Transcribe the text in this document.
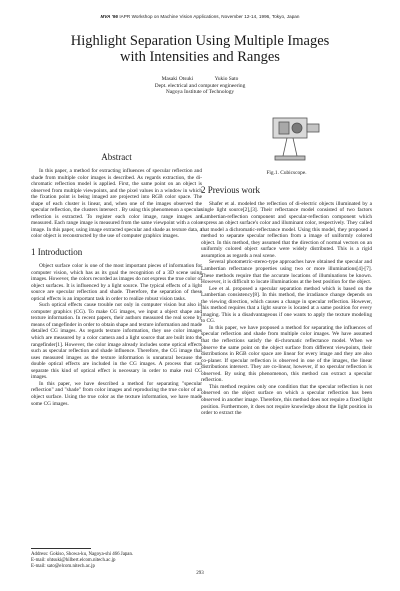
MVA '96 IAPR Workshop on Machine Vision Applications, November 12-14, 1996, Tokyo, Japan
Highlight Separation Using Multiple Images
with Intensities and Ranges
Masaki Otsuki	Yukio Sato
Dept. electrical and computer engineering
Nagoya Institute of Technology
Abstract

In this paper, a method for extracting influences of specular reflection and shade from multiple color images is described. As regards extraction, the di-chromatic reflection model is applied. First, the same point on an object is observed from multiple viewpoints, and the pixel values in a window in which the fixation point is being imaged are projected into RGB color space. The shape of each cluster is linear, and, when one of the images observed the specular reflection, the clusters intersect . By using this phenomenon a specular reflection is extracted. To register each color image, range images are measured. Each range image is measured from the same viewpoint with a color image. In this paper, using image extracted specular and shade as texture data, a color object is reconstructed by the use of computer graphics images.

1 Introduction

Object surface color is one of the most important pieces of information for computer vision, which has as its goal the recognition of a 3D scene using images. However, the colors recorded as images do not express the true color of object surfaces. It is influenced by a light source. The typical effects of a light source are specular reflection and shade. Therefore, the separation of these optical effects is an important task in order to realize robust vision tasks.

Such optical effects cause trouble not only in computer vision but also in computer graphics (CG). To make CG images, we input a object shape and texture information. In recent papers, their authors measured the real scene by means of rangefinder in order to obtain shape and texture information and made detailed CG images. As regards texture information, they use color images which are measured by a color camera and a light source that are built into the rangefinder[1]. However, the color image already includes some optical effects such as specular reflection and shade influence. Therefore, the CG image that uses measured images as the texture information is unnatural because the double optical effects are included in the CG images. A process that can separate this kind of optical effect is necessary in order to make real CG images.

In this paper, we have described a method for separating "specular reflection" and "shade" from color images and reproducing the true color of an object surface. Using the true color as the texture information, we have made some CG images.

Fig.1. Cubicscope.
2 Previous work

Shafer et al. modeled the reflection of di-electric objects illuminated by a single light source[2],[3]. Their reflectance model consisted of two factors Lambertian-reflection component and specular-reflection component which express an object surface's color and illuminant color, respectively. They called that model a dichromatic-reflectance model. Using this model, they proposed a method to separate specular reflection from a image of uniformly colored object. In this method, they assumed that the direction of normal vectors on an uniformly colored object surface were widely distributed. This is a rigid assumption as regards a real scene.

Several photometric-stereo-type approaches have obtained the specular and Lambertian reflectance properties using two or more illuminations[4]-[7]. These methods require that the accurate locations of illuminations be known. However, it is difficult to locate illuminations at the best position for the object.

Lee et al. proposed a specular separation method which is based on the Lambertian consistency[8]. In this method, the irradiance change depends on the viewing direction, which causes a change in specular reflection. However, this method requires that a light source is located at a same position for every imaging. This is a disadvantageous if one wants to apply the texture modeling to CG.

In this paper, we have proposed a method for separating the influences of specular reflection and shade from multiple color images. We have assumed that the reflections satisfy the di-chromatic reflectance model. When we observe the same point on the object surface from different viewpoints, their distributions in RGB color space are linear for every image and they are also co-planer. If specular reflection is observed in one of the images, the linear distributions intersect. They are co-linear, however, if no specular reflection is observed. By using this phenomenon, this method can extract a specular reflection.

This method requires only one condition that the specular reflection is not observed on the object surface on which a specular reflection has been observed in another image. Therefore, this method does not require a fixed light position. Furthermore, it does not require knowledge about the light position in order to extract the

Address: Gokiso, Showa-ku, Nagoya-shi 466 Japan.
E-mail: ohtsuki@hilbert.elcom.nitech.ac.jp
E-mail: sato@elcom.nitech.ac.jp
293
